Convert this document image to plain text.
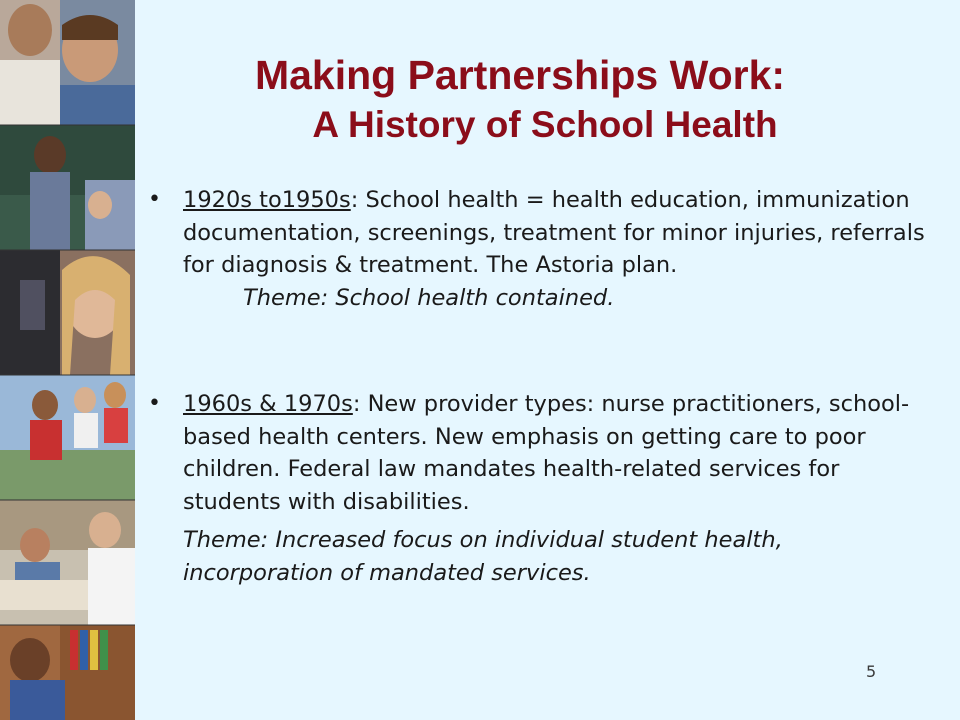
Making Partnerships Work:
A History of School Health
• 1920s to1950s: School health = health education, immunization documentation, screenings, treatment for minor injuries, referrals for diagnosis & treatment. The Astoria plan.
Theme: School health contained.
• 1960s & 1970s: New provider types: nurse practitioners, school-based health centers. New emphasis on getting care to poor children. Federal law mandates health-related services for students with disabilities.
Theme: Increased focus on individual student health, incorporation of mandated services.
5
